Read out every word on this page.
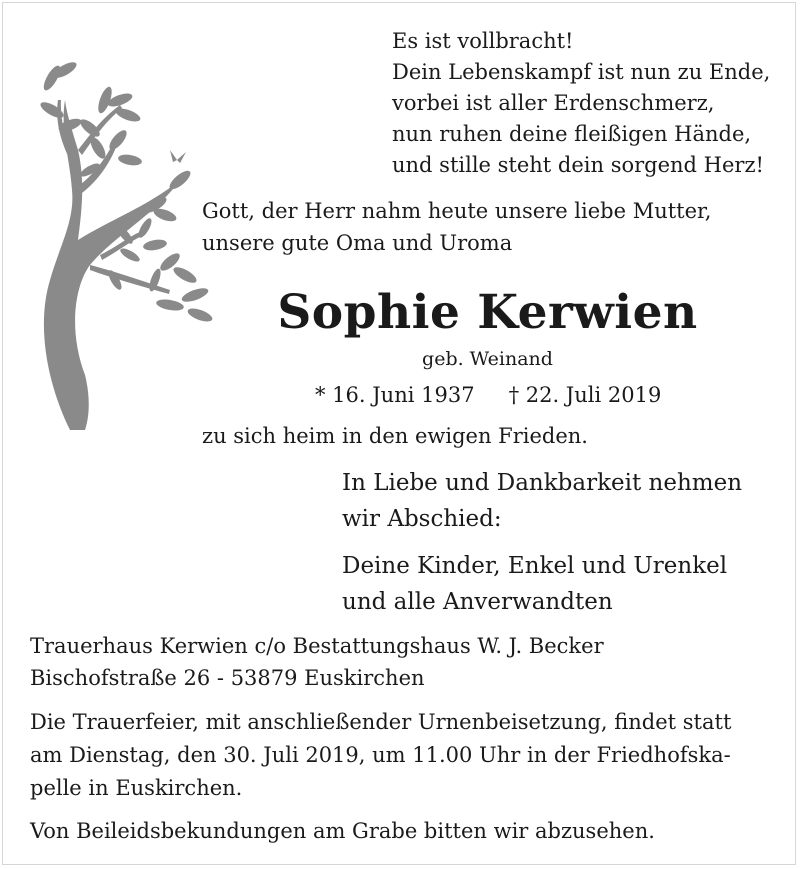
Es ist vollbracht!
Dein Lebenskampf ist nun zu Ende,
vorbei ist aller Erdenschmerz,
nun ruhen deine fleißigen Hände,
und stille steht dein sorgend Herz!
Gott, der Herr nahm heute unsere liebe Mutter,
unsere gute Oma und Uroma
Sophie Kerwien
geb. Weinand
* 16. Juni 1937 † 22. Juli 2019
zu sich heim in den ewigen Frieden.
In Liebe und Dankbarkeit nehmen
wir Abschied:
Deine Kinder, Enkel und Urenkel
und alle Anverwandten
Trauerhaus Kerwien c/o Bestattungshaus W. J. Becker
Bischofstraße 26 - 53879 Euskirchen
Die Trauerfeier, mit anschließender Urnenbeisetzung, findet statt
am Dienstag, den 30. Juli 2019, um 11.00 Uhr in der Friedhofska-
pelle in Euskirchen.
Von Beileidsbekundungen am Grabe bitten wir abzusehen.
